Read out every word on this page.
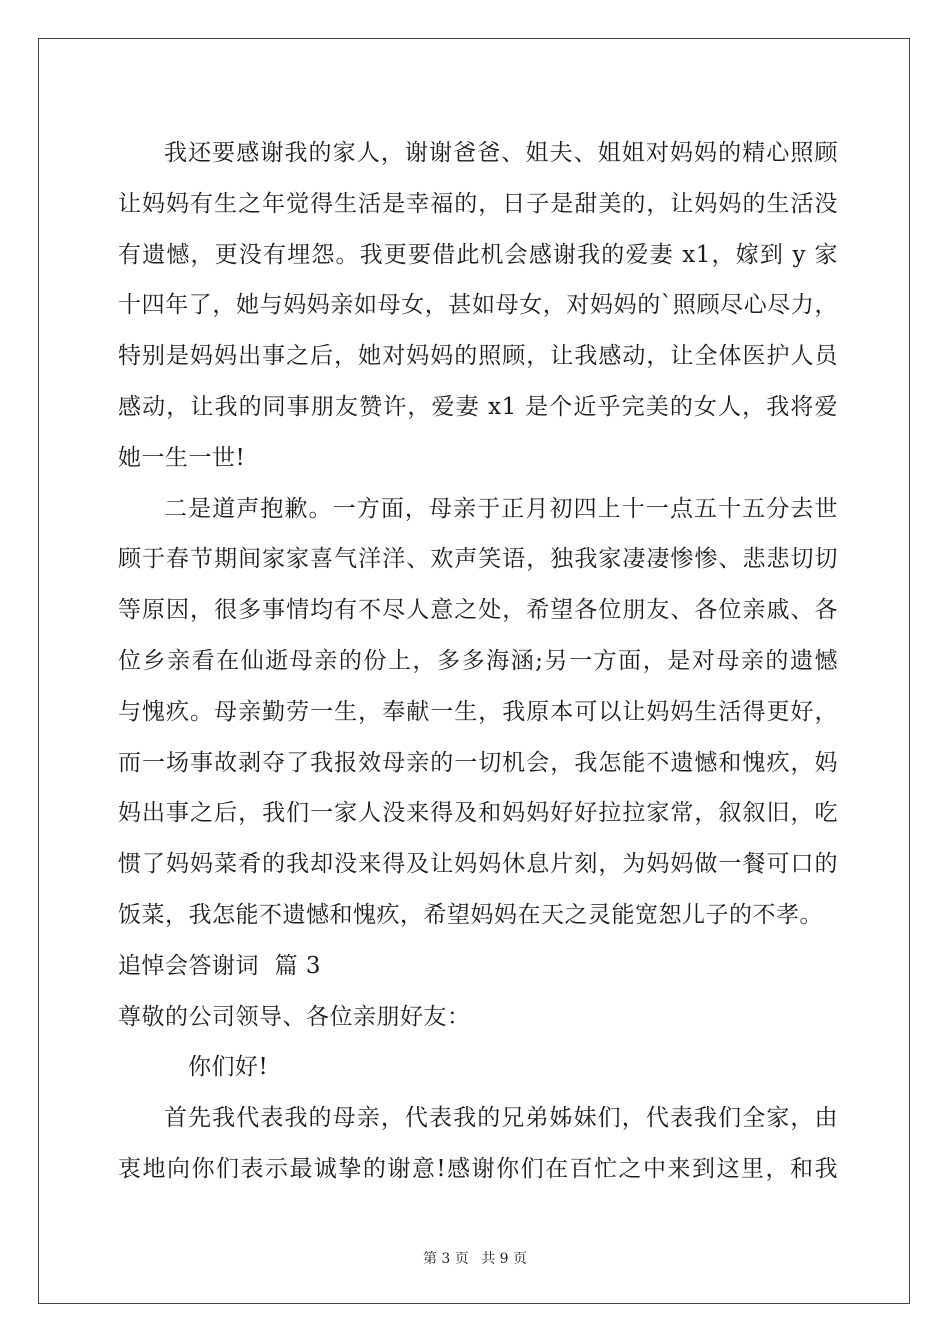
我还要感谢我的家人，谢谢爸爸、姐夫、姐姐对妈妈的精心照顾
让妈妈有生之年觉得生活是幸福的，日子是甜美的，让妈妈的生活没
有遗憾，更没有埋怨。我更要借此机会感谢我的爱妻 x1，嫁到 y 家
十四年了，她与妈妈亲如母女，甚如母女，对妈妈的`照顾尽心尽力，
特别是妈妈出事之后，她对妈妈的照顾，让我感动，让全体医护人员
感动，让我的同事朋友赞许，爱妻 x1 是个近乎完美的女人，我将爱
她一生一世!
二是道声抱歉。一方面，母亲于正月初四上十一点五十五分去世
顾于春节期间家家喜气洋洋、欢声笑语，独我家凄凄惨惨、悲悲切切
等原因，很多事情均有不尽人意之处，希望各位朋友、各位亲戚、各
位乡亲看在仙逝母亲的份上，多多海涵;另一方面，是对母亲的遗憾
与愧疚。母亲勤劳一生，奉献一生，我原本可以让妈妈生活得更好，
而一场事故剥夺了我报效母亲的一切机会，我怎能不遗憾和愧疚，妈
妈出事之后，我们一家人没来得及和妈妈好好拉拉家常，叙叙旧，吃
惯了妈妈菜肴的我却没来得及让妈妈休息片刻，为妈妈做一餐可口的
饭菜，我怎能不遗憾和愧疚，希望妈妈在天之灵能宽恕儿子的不孝。
追悼会答谢词  篇 3
尊敬的公司领导、各位亲朋好友：
你们好!
首先我代表我的母亲，代表我的兄弟姊妹们，代表我们全家，由
衷地向你们表示最诚挚的谢意!感谢你们在百忙之中来到这里，和我
第 3 页 共 9 页
